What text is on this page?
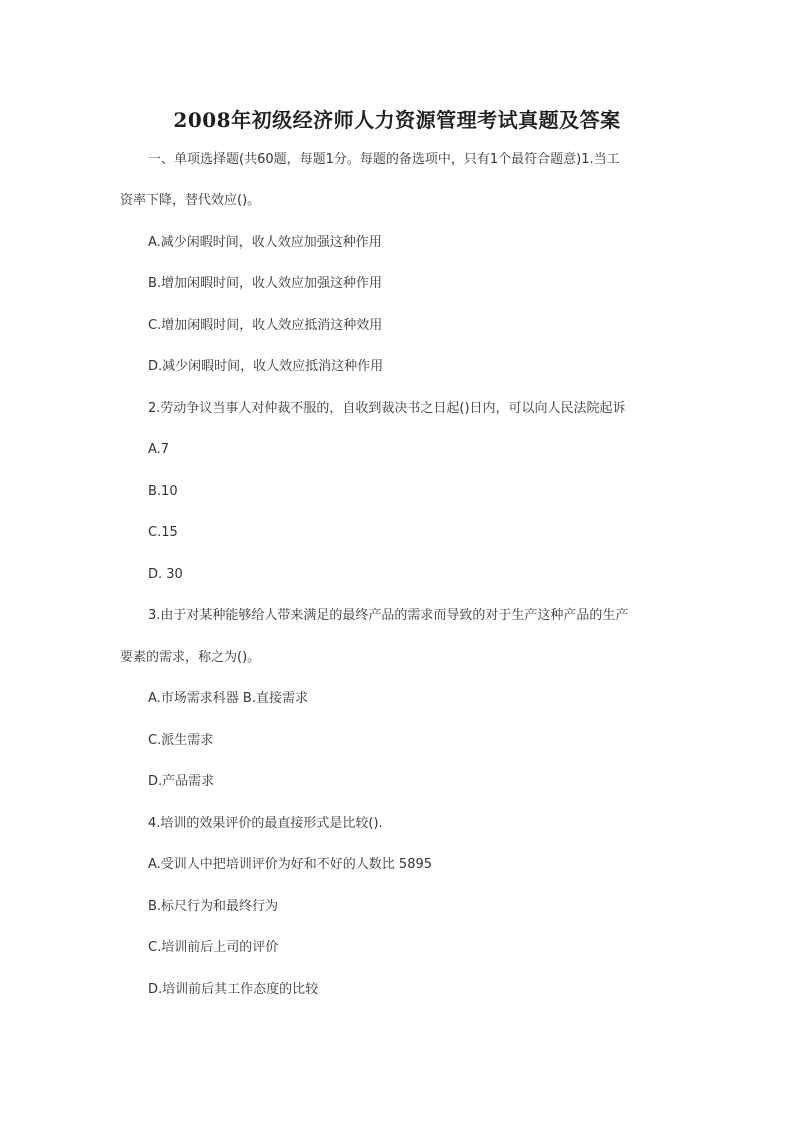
2008年初级经济师人力资源管理考试真题及答案
一、单项选择题(共60题，每题1分。每题的备选项中，只有1个最符合题意)1.当工
资率下降，替代效应()。
A.减少闲暇时间，收人效应加强这种作用
B.增加闲暇时间，收人效应加强这种作用
C.增加闲暇时间，收人效应抵消这种效用
D.减少闲暇时间，收人效应抵消这种作用
2.劳动争议当事人对仲裁不服的，自收到裁决书之日起()日内，可以向人民法院起诉
A.7
B.10
C.15
D. 30
3.由于对某种能够给人带来满足的最终产品的需求而导致的对于生产这种产品的生产
要素的需求，称之为()。
A.市场需求科器 B.直接需求
C.派生需求
D.产品需求
4.培训的效果评价的最直接形式是比较().
A.受训人中把培训评价为好和不好的人数比 5895
B.标尺行为和最终行为
C.培训前后上司的评价
D.培训前后其工作态度的比较
